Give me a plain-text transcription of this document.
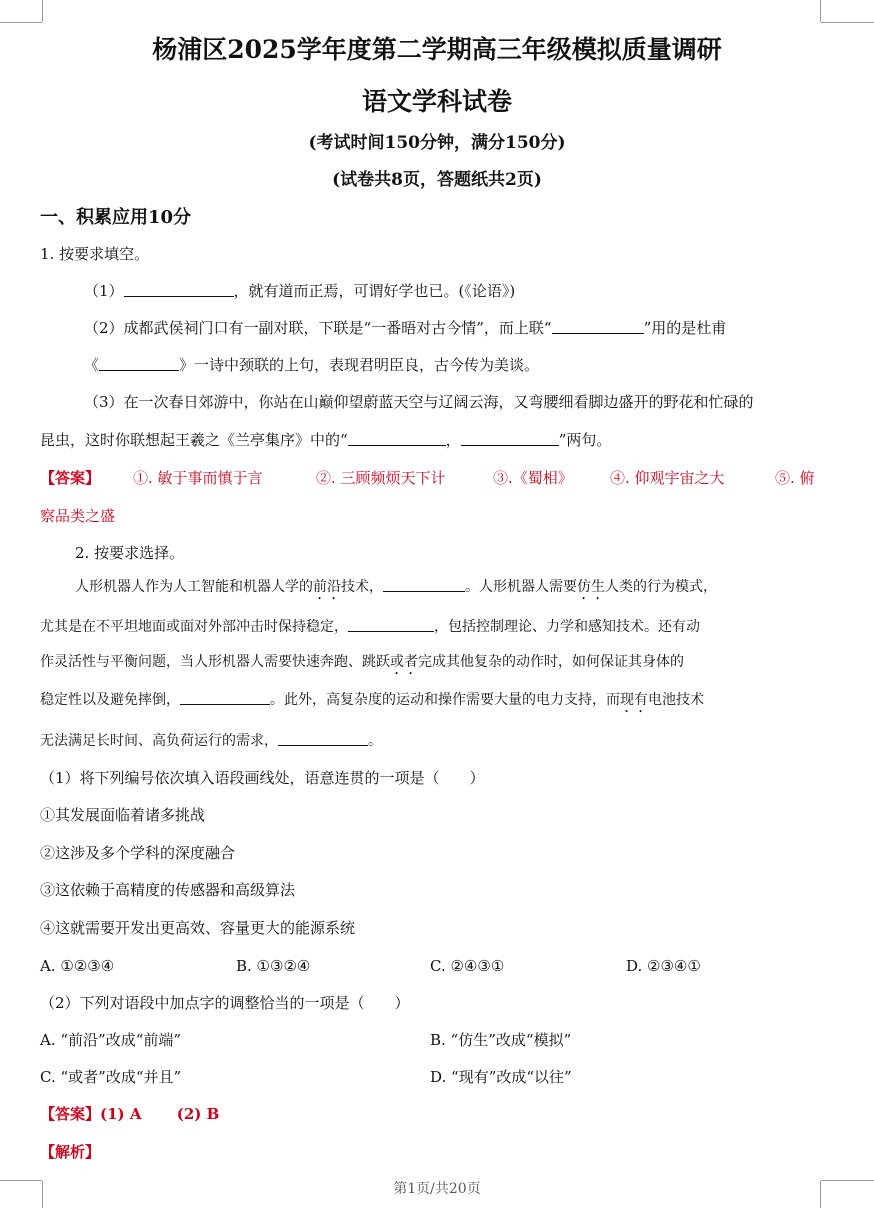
杨浦区2025学年度第二学期高三年级模拟质量调研
语文学科试卷
(考试时间150分钟，满分150分)
(试卷共8页，答题纸共2页)
一、积累应用10分
1. 按要求填空。
（1）	，就有道而正焉，可谓好学也已。(《论语》)
（2）成都武侯祠门口有一副对联，下联是“一番晤对古今情”，而上联“	”用的是杜甫
《	》一诗中颈联的上句，表现君明臣良，古今传为美谈。
（3）在一次春日郊游中，你站在山巅仰望蔚蓝天空与辽阔云海，又弯腰细看脚边盛开的野花和忙碌的
昆虫，这时你联想起王羲之《兰亭集序》中的“	，	”两句。
【答案】 ①. 敏于事而慎于言	②. 三顾频烦天下计	③.《蜀相》 ④. 仰观宇宙之大	⑤. 俯
察品类之盛
2. 按要求选择。
人形机器人作为人工智能和机器人学的前沿技术，	。人形机器人需要仿生人类的行为模式，
尤其是在不平坦地面或面对外部冲击时保持稳定，	，包括控制理论、力学和感知技术。还有动
作灵活性与平衡问题，当人形机器人需要快速奔跑、跳跃或者完成其他复杂的动作时，如何保证其身体的
稳定性以及避免摔倒，	。此外，高复杂度的运动和操作需要大量的电力支持，而现有电池技术
无法满足长时间、高负荷运行的需求，	。
（1）将下列编号依次填入语段画线处，语意连贯的一项是（　　）
①其发展面临着诸多挑战
②这涉及多个学科的深度融合
③这依赖于高精度的传感器和高级算法
④这就需要开发出更高效、容量更大的能源系统
A. ①②③④	B. ①③②④	C. ②④③①	D. ②③④①
（2）下列对语段中加点字的调整恰当的一项是（　　）
A. “前沿”改成“前端”	B. “仿生”改成“模拟”
C. “或者”改成“并且”	D. “现有”改成“以往”
【答案】(1) A　　 (2) B
【解析】
第1页/共20页
